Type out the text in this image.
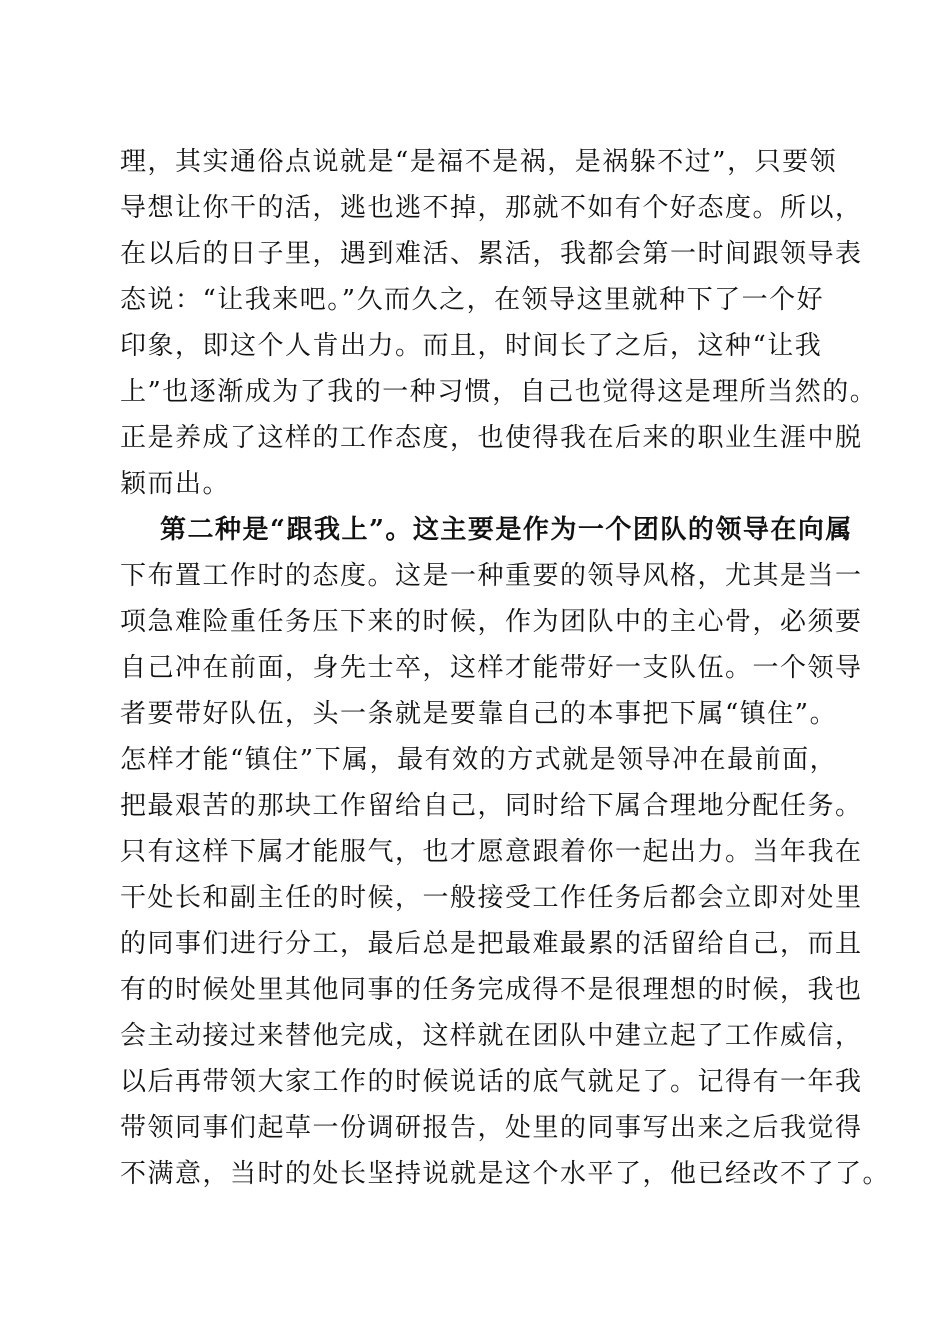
理，其实通俗点说就是“是福不是祸，是祸躲不过”，只要领
导想让你干的活，逃也逃不掉，那就不如有个好态度。所以，
在以后的日子里，遇到难活、累活，我都会第一时间跟领导表
态说：“让我来吧。”久而久之，在领导这里就种下了一个好
印象，即这个人肯出力。而且，时间长了之后，这种“让我
上”也逐渐成为了我的一种习惯，自己也觉得这是理所当然的。
正是养成了这样的工作态度，也使得我在后来的职业生涯中脱
颖而出。
第二种是“跟我上”。这主要是作为一个团队的领导在向属
下布置工作时的态度。这是一种重要的领导风格，尤其是当一
项急难险重任务压下来的时候，作为团队中的主心骨，必须要
自己冲在前面，身先士卒，这样才能带好一支队伍。一个领导
者要带好队伍，头一条就是要靠自己的本事把下属“镇住”。
怎样才能“镇住”下属，最有效的方式就是领导冲在最前面，
把最艰苦的那块工作留给自己，同时给下属合理地分配任务。
只有这样下属才能服气，也才愿意跟着你一起出力。当年我在
干处长和副主任的时候，一般接受工作任务后都会立即对处里
的同事们进行分工，最后总是把最难最累的活留给自己，而且
有的时候处里其他同事的任务完成得不是很理想的时候，我也
会主动接过来替他完成，这样就在团队中建立起了工作威信，
以后再带领大家工作的时候说话的底气就足了。记得有一年我
带领同事们起草一份调研报告，处里的同事写出来之后我觉得
不满意，当时的处长坚持说就是这个水平了，他已经改不了了。
